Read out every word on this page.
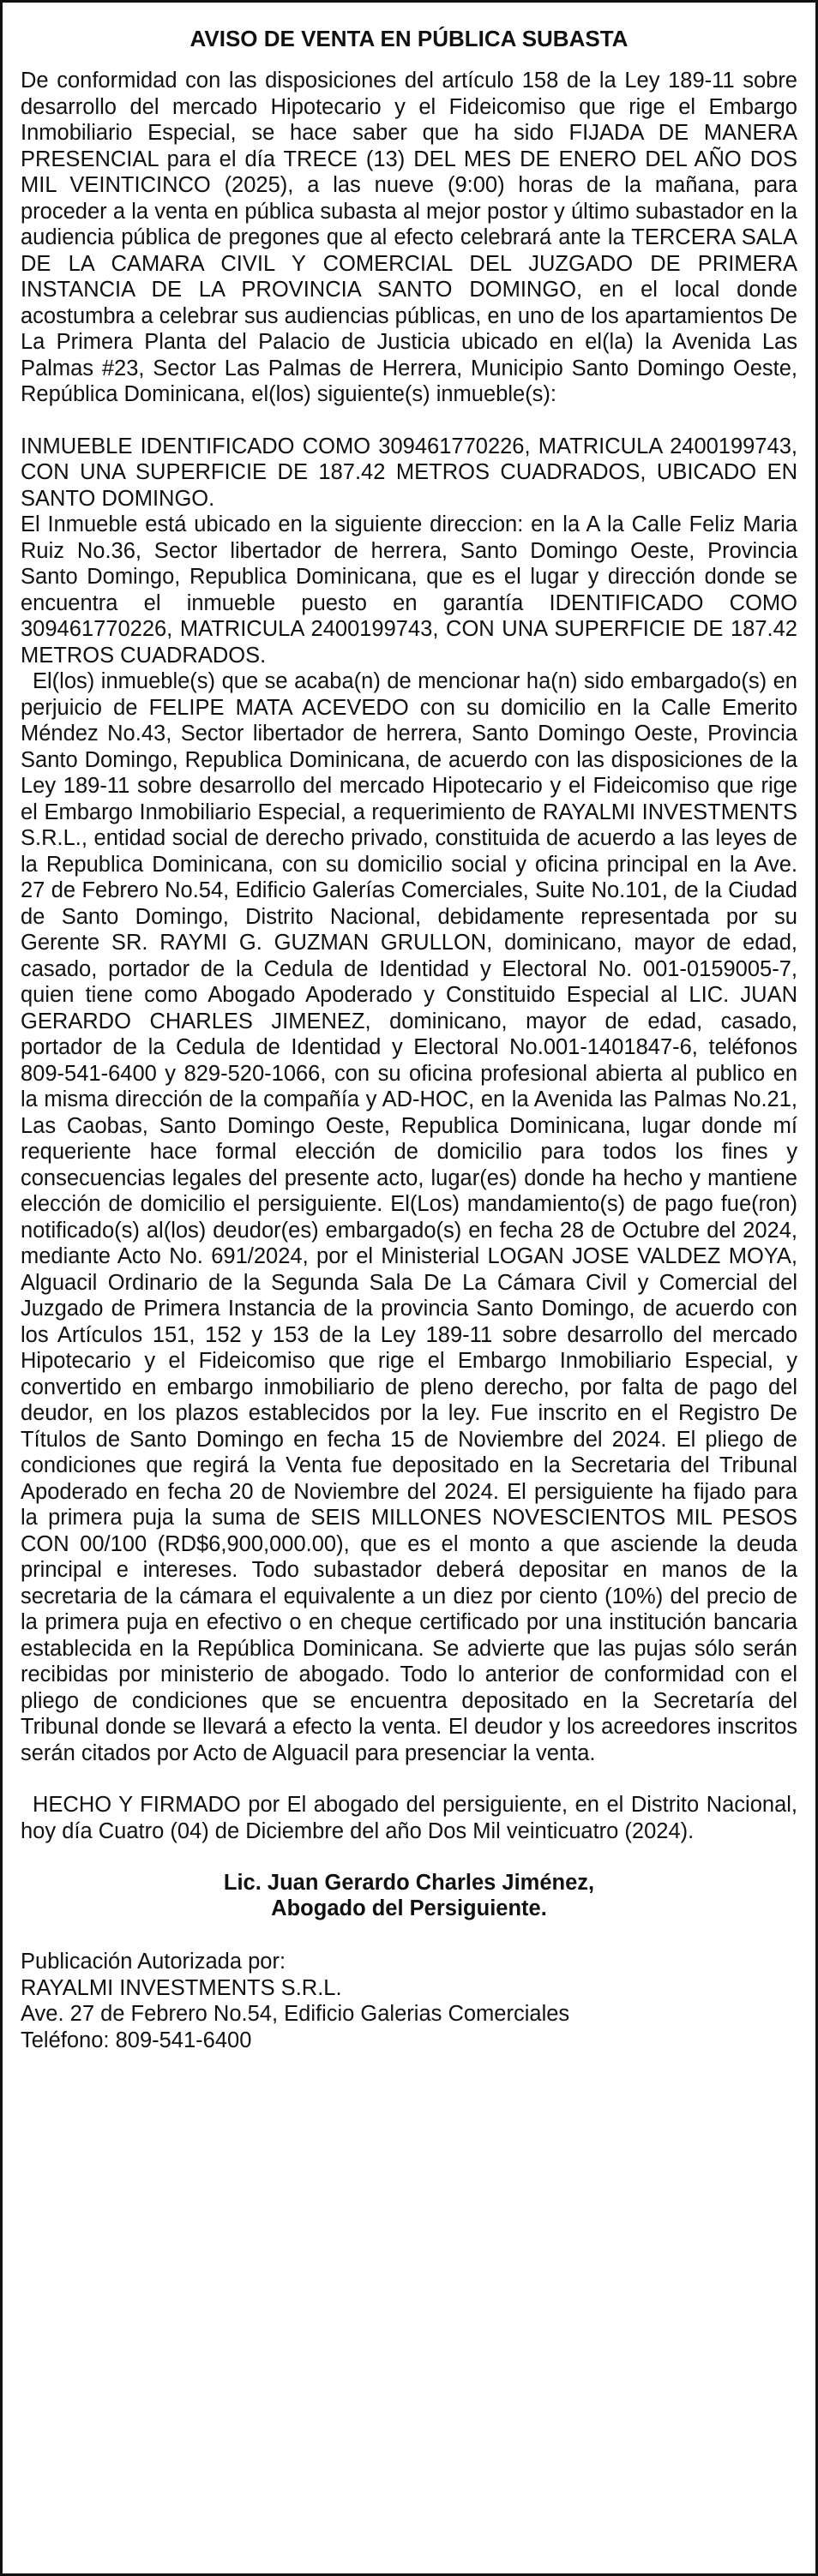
AVISO DE VENTA EN PÚBLICA SUBASTA

De conformidad con las disposiciones del artículo 158 de la Ley 189-11 sobre desarrollo del mercado Hipotecario y el Fideicomiso que rige el Embargo Inmobiliario Especial, se hace saber que ha sido FIJADA DE MANERA PRESENCIAL para el día TRECE (13) DEL MES DE ENERO DEL AÑO DOS MIL VEINTICINCO (2025), a las nueve (9:00) horas de la mañana, para proceder a la venta en pública subasta al mejor postor y último subastador en la audiencia pública de pregones que al efecto celebrará ante la TERCERA SALA DE LA CAMARA CIVIL Y COMERCIAL DEL JUZGADO DE PRIMERA INSTANCIA DE LA PROVINCIA SANTO DOMINGO, en el local donde acostumbra a celebrar sus audiencias públicas, en uno de los apartamientos De La Primera Planta del Palacio de Justicia ubicado en el(la) la Avenida Las Palmas #23, Sector Las Palmas de Herrera, Municipio Santo Domingo Oeste, República Dominicana, el(los) siguiente(s) inmueble(s):

INMUEBLE IDENTIFICADO COMO 309461770226, MATRICULA 2400199743, CON UNA SUPERFICIE DE 187.42 METROS CUADRADOS, UBICADO EN SANTO DOMINGO.

El Inmueble está ubicado en la siguiente direccion: en la A la Calle Feliz Maria Ruiz No.36, Sector libertador de herrera, Santo Domingo Oeste, Provincia Santo Domingo, Republica Dominicana, que es el lugar y dirección donde se encuentra el inmueble puesto en garantía IDENTIFICADO COMO 309461770226, MATRICULA 2400199743, CON UNA SUPERFICIE DE 187.42 METROS CUADRADOS.

El(los) inmueble(s) que se acaba(n) de mencionar ha(n) sido embargado(s) en perjuicio de FELIPE MATA ACEVEDO con su domicilio en la Calle Emerito Méndez No.43, Sector libertador de herrera, Santo Domingo Oeste, Provincia Santo Domingo, Republica Dominicana, de acuerdo con las disposiciones de la Ley 189-11 sobre desarrollo del mercado Hipotecario y el Fideicomiso que rige el Embargo Inmobiliario Especial, a requerimiento de RAYALMI INVESTMENTS S.R.L., entidad social de derecho privado, constituida de acuerdo a las leyes de la Republica Dominicana, con su domicilio social y oficina principal en la Ave. 27 de Febrero No.54, Edificio Galerías Comerciales, Suite No.101, de la Ciudad de Santo Domingo, Distrito Nacional, debidamente representada por su Gerente SR. RAYMI G. GUZMAN GRULLON, dominicano, mayor de edad, casado, portador de la Cedula de Identidad y Electoral No. 001-0159005-7, quien tiene como Abogado Apoderado y Constituido Especial al LIC. JUAN GERARDO CHARLES JIMENEZ, dominicano, mayor de edad, casado, portador de la Cedula de Identidad y Electoral No.001-1401847-6, teléfonos 809-541-6400 y 829-520-1066, con su oficina profesional abierta al publico en la misma dirección de la compañía y AD-HOC, en la Avenida las Palmas No.21, Las Caobas, Santo Domingo Oeste, Republica Dominicana, lugar donde mí requeriente hace formal elección de domicilio para todos los fines y consecuencias legales del presente acto, lugar(es) donde ha hecho y mantiene elección de domicilio el persiguiente. El(Los) mandamiento(s) de pago fue(ron) notificado(s) al(los) deudor(es) embargado(s) en fecha 28 de Octubre del 2024, mediante Acto No. 691/2024, por el Ministerial LOGAN JOSE VALDEZ MOYA, Alguacil Ordinario de la Segunda Sala De La Cámara Civil y Comercial del Juzgado de Primera Instancia de la provincia Santo Domingo, de acuerdo con los Artículos 151, 152 y 153 de la Ley 189-11 sobre desarrollo del mercado Hipotecario y el Fideicomiso que rige el Embargo Inmobiliario Especial, y convertido en embargo inmobiliario de pleno derecho, por falta de pago del deudor, en los plazos establecidos por la ley. Fue inscrito en el Registro De Títulos de Santo Domingo en fecha 15 de Noviembre del 2024. El pliego de condiciones que regirá la Venta fue depositado en la Secretaria del Tribunal Apoderado en fecha 20 de Noviembre del 2024. El persiguiente ha fijado para la primera puja la suma de SEIS MILLONES NOVESCIENTOS MIL PESOS CON 00/100 (RD$6,900,000.00), que es el monto a que asciende la deuda principal e intereses. Todo subastador deberá depositar en manos de la secretaria de la cámara el equivalente a un diez por ciento (10%) del precio de la primera puja en efectivo o en cheque certificado por una institución bancaria establecida en la República Dominicana. Se advierte que las pujas sólo serán recibidas por ministerio de abogado. Todo lo anterior de conformidad con el pliego de condiciones que se encuentra depositado en la Secretaría del Tribunal donde se llevará a efecto la venta. El deudor y los acreedores inscritos serán citados por Acto de Alguacil para presenciar la venta.

HECHO Y FIRMADO por El abogado del persiguiente, en el Distrito Nacional, hoy día Cuatro (04) de Diciembre del año Dos Mil veinticuatro (2024).

Lic. Juan Gerardo Charles Jiménez,
Abogado del Persiguiente.
Publicación Autorizada por:
RAYALMI INVESTMENTS S.R.L.
Ave. 27 de Febrero No.54, Edificio Galerias Comerciales
Teléfono: 809-541-6400
